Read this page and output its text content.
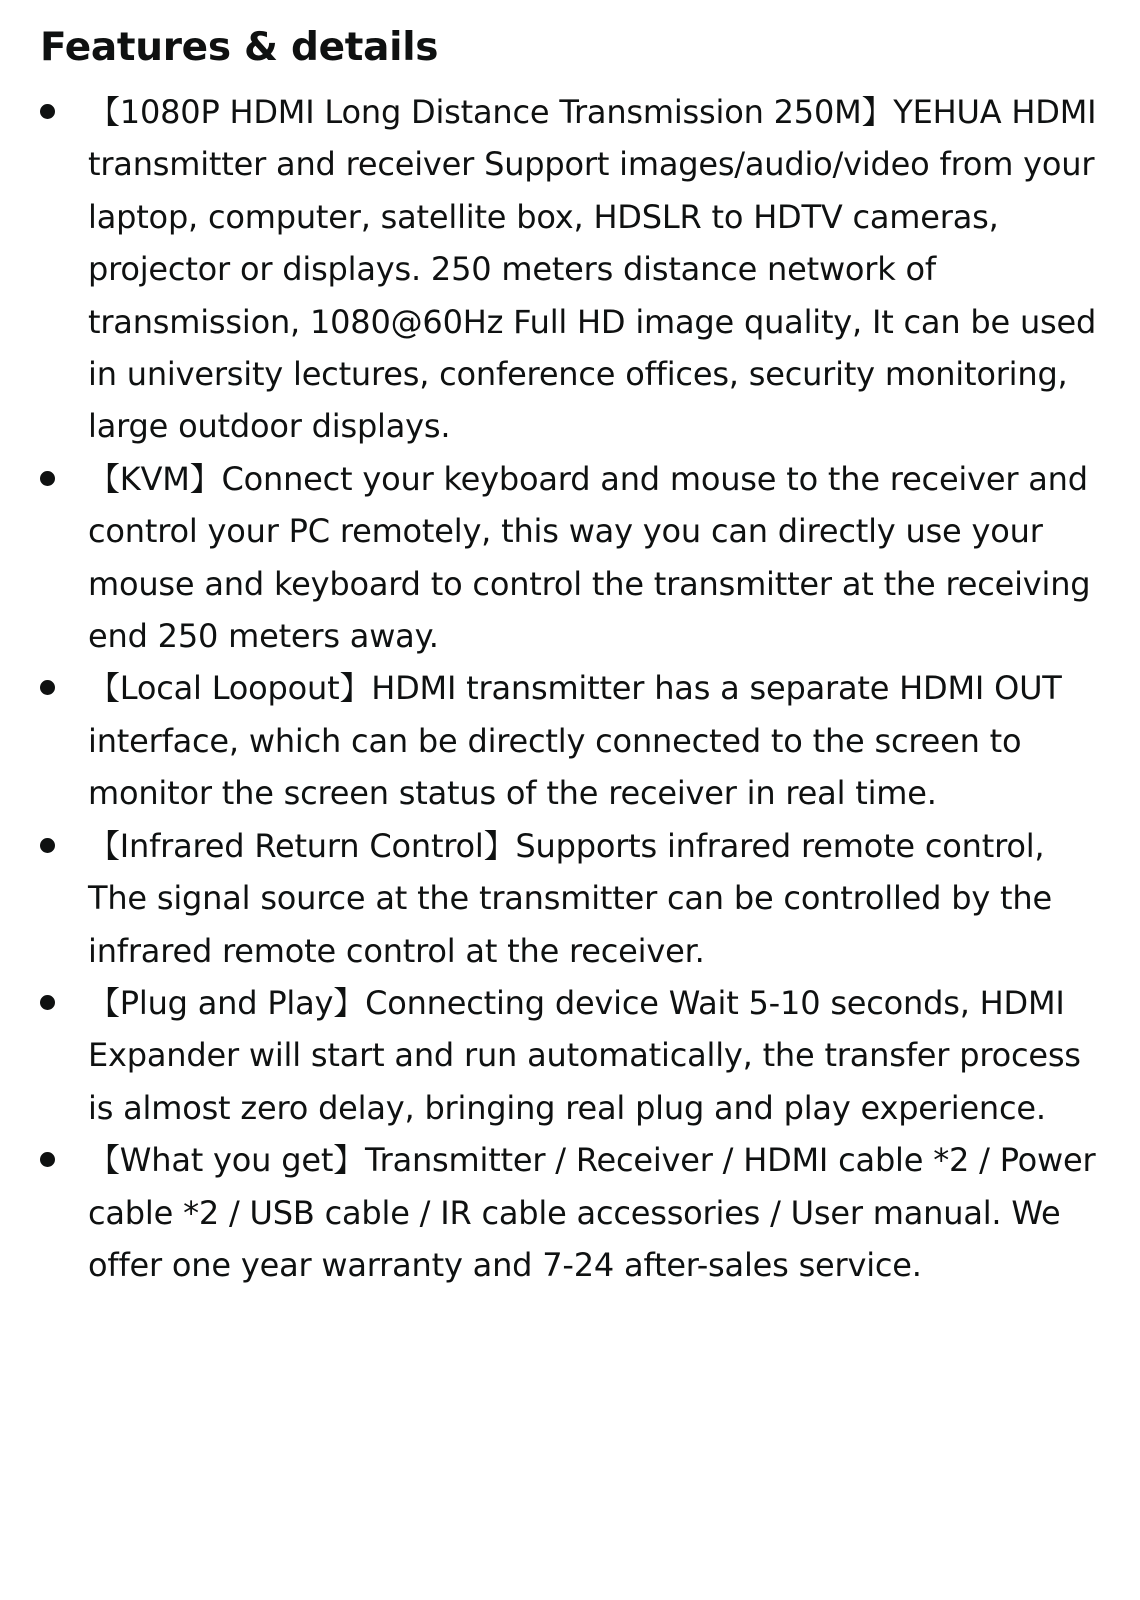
Features & details
【1080P HDMI Long Distance Transmission 250M】YEHUA HDMI transmitter and receiver Support images/audio/video from your laptop, computer, satellite box, HDSLR to HDTV cameras, projector or displays. 250 meters distance network of transmission, 1080@60Hz Full HD image quality, It can be used in university lectures, conference offices, security monitoring, large outdoor displays.
【KVM】Connect your keyboard and mouse to the receiver and control your PC remotely, this way you can directly use your mouse and keyboard to control the transmitter at the receiving end 250 meters away.
【Local Loopout】HDMI transmitter has a separate HDMI OUT interface, which can be directly connected to the screen to monitor the screen status of the receiver in real time.
【Infrared Return Control】Supports infrared remote control, The signal source at the transmitter can be controlled by the infrared remote control at the receiver.
【Plug and Play】Connecting device Wait 5-10 seconds, HDMI Expander will start and run automatically, the transfer process is almost zero delay, bringing real plug and play experience.
【What you get】Transmitter / Receiver / HDMI cable *2 / Power cable *2 / USB cable / IR cable accessories / User manual. We offer one year warranty and 7-24 after-sales service.
